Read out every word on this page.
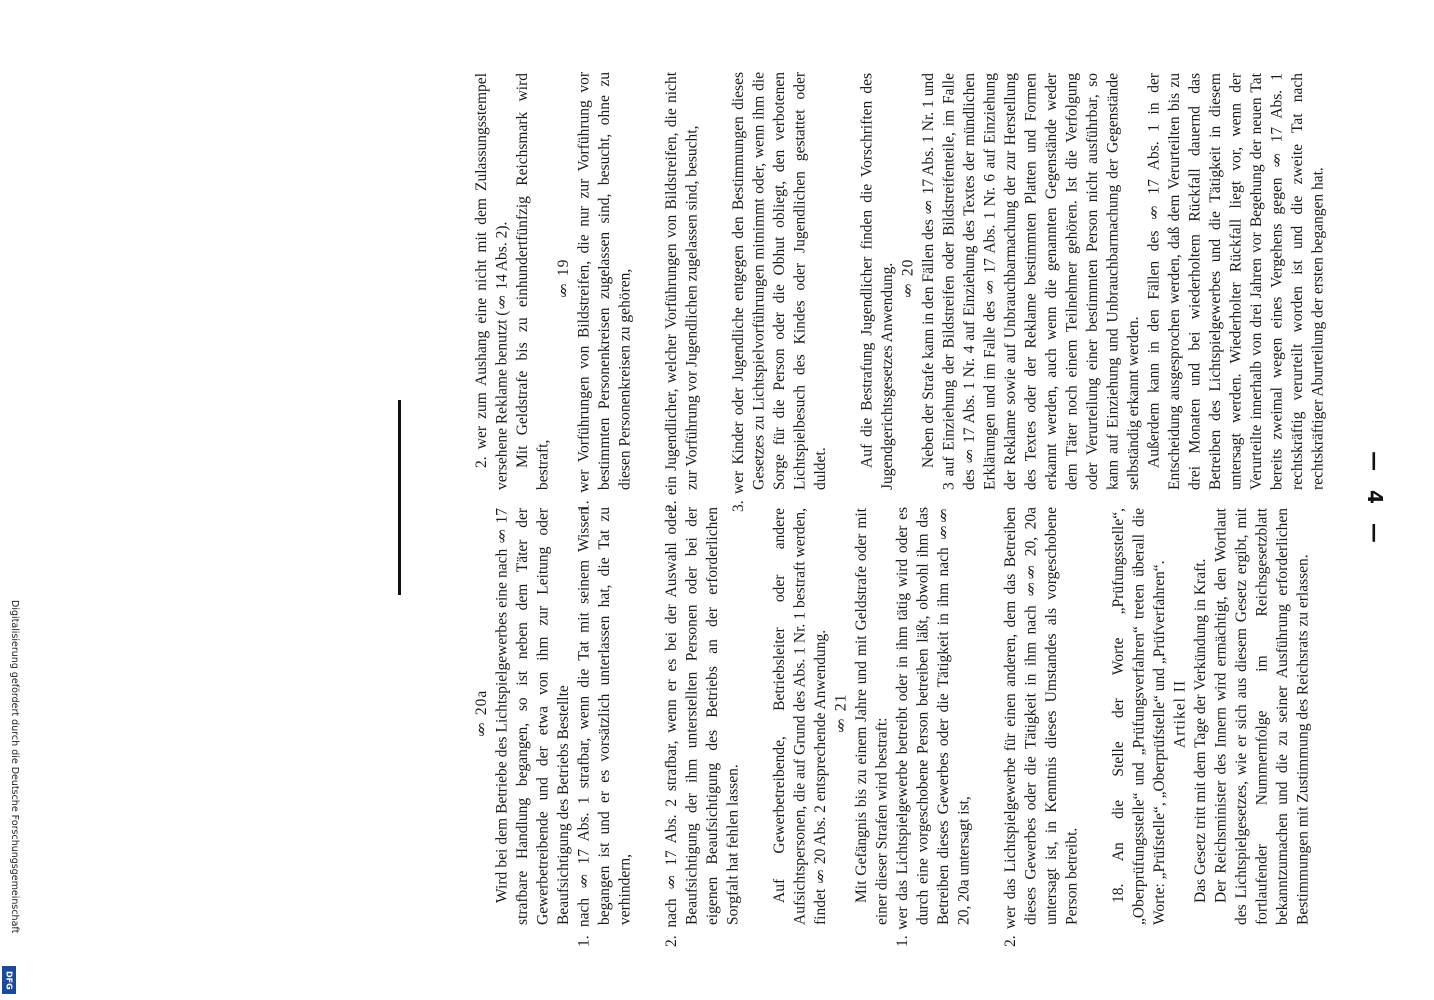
2. wer zum Aushang eine nicht mit dem Zulassungsstempel versehene Reklame benutzt (§ 14 Abs. 2). Mit Geldstrafe bis zu einhundertfünfzig Reichsmark wird bestraft,

§ 19 1. wer Vorführungen von Bildstreifen, die nur zur Vorführung vor bestimmten Personenkreisen zugelassen sind, besucht, ohne zu diesen Personenkreisen zu gehören,	2. ein Jugendlicher, welcher Vorführungen von Bildstreifen, die nicht zur Vorführung vor Jugendlichen zugelassen sind, besucht,	3. wer Kinder oder Jugendliche entgegen den Bestimmungen dieses Gesetzes zu Lichtspielvorführungen mitnimmt oder, wenn ihm die Sorge für die Person oder die Obhut obliegt, den verbotenen Lichtspielbesuch des Kindes oder Jugendlichen gestattet oder duldet.

Auf die Bestrafung Jugendlicher finden die Vorschriften des Jugendgerichtsgesetzes Anwendung. § 20 Neben der Strafe kann in den Fällen des § 17 Abs. 1 Nr. 1 und 3 auf Einziehung der Bildstreifen oder Bildstreifenteile, im Falle des § 17 Abs. 1 Nr. 4 auf Einziehung des Textes der mündlichen Erklärungen und im Falle des § 17 Abs. 1 Nr. 6 auf Einziehung der Reklame sowie auf Unbrauchbarmachung der zur Herstellung des Textes oder der Reklame bestimmten Platten und Formen erkannt werden, auch wenn die genannten Gegenstände weder dem Täter noch einem Teilnehmer gehören. Ist die Verfolgung oder Verurteilung einer bestimmten Person nicht ausführbar, so kann auf Einziehung und Unbrauchbarmachung der Gegenstände selbständig erkannt werden. Außerdem kann in den Fällen des § 17 Abs. 1 in der Entscheidung ausgesprochen werden, daß dem Verurteilten bis zu drei Monaten und bei wiederholtem Rückfall dauernd das Betreiben des Lichtspielgewerbes und die Tätigkeit in diesem untersagt werden. Wiederholter Rückfall liegt vor, wenn der Verurteilte innerhalb von drei Jahren vor Begehung der neuen Tat bereits zweimal wegen eines Vergehens gegen § 17 Abs. 1 rechtskräftig verurteilt worden ist und die zweite Tat nach rechtskräftiger Aburteilung der ersten begangen hat.

§ 20a Wird bei dem Betriebe des Lichtspielgewerbes eine nach § 17 strafbare Handlung begangen, so ist neben dem Täter der Gewerbetreibende und der etwa von ihm zur Leitung oder Beaufsichtigung des Betriebs Bestellte 1. nach § 17 Abs. 1 strafbar, wenn die Tat mit seinem Wissen begangen ist und er es vorsätzlich unterlassen hat, die Tat zu verhindern,	2. nach § 17 Abs. 2 strafbar, wenn er es bei der Auswahl oder Beaufsichtigung der ihm unterstellten Personen oder bei der eigenen Beaufsichtigung des Betriebs an der erforderlichen Sorgfalt hat fehlen lassen.	Auf Gewerbetreibende, Betriebsleiter oder andere Aufsichtspersonen, die auf Grund des Abs. 1 Nr. 1 bestraft werden, findet § 20 Abs. 2 entsprechende Anwendung. § 21 Mit Gefängnis bis zu einem Jahre und mit Geldstrafe oder mit einer dieser Strafen wird bestraft: 1. wer das Lichtspielgewerbe betreibt oder in ihm tätig wird oder es durch eine vorgeschobene Person betreiben läßt, obwohl ihm das Betreiben dieses Gewerbes oder die Tätigkeit in ihm nach §§ 20, 20a untersagt ist,	2. wer das Lichtspielgewerbe für einen anderen, dem das Betreiben dieses Gewerbes oder die Tätigkeit in ihm nach §§ 20, 20a untersagt ist, in Kenntnis dieses Umstandes als vorgeschobene Person betreibt.	18. An die Stelle der Worte „Prüfungsstelle“, „Oberprüfungsstelle“ und „Prüfungsverfahren“ treten überall die Worte: „Prüfstelle“, „Oberprüfstelle“ und „Prüfverfahren“. Artikel II Das Gesetz tritt mit dem Tage der Verkündung in Kraft. Der Reichsminister des Innern wird ermächtigt, den Wortlaut des Lichtspielgesetzes, wie er sich aus diesem Gesetz ergibt, mit fortlaufender Nummernfolge im Reichsgesetzblatt bekanntzumachen und die zu seiner Ausführung erforderlichen Bestimmungen mit Zustimmung des Reichsrats zu erlassen.

— 4 —
Digitalisierung gefördert durch die Deutsche Forschungsgemeinschaft
DFG
